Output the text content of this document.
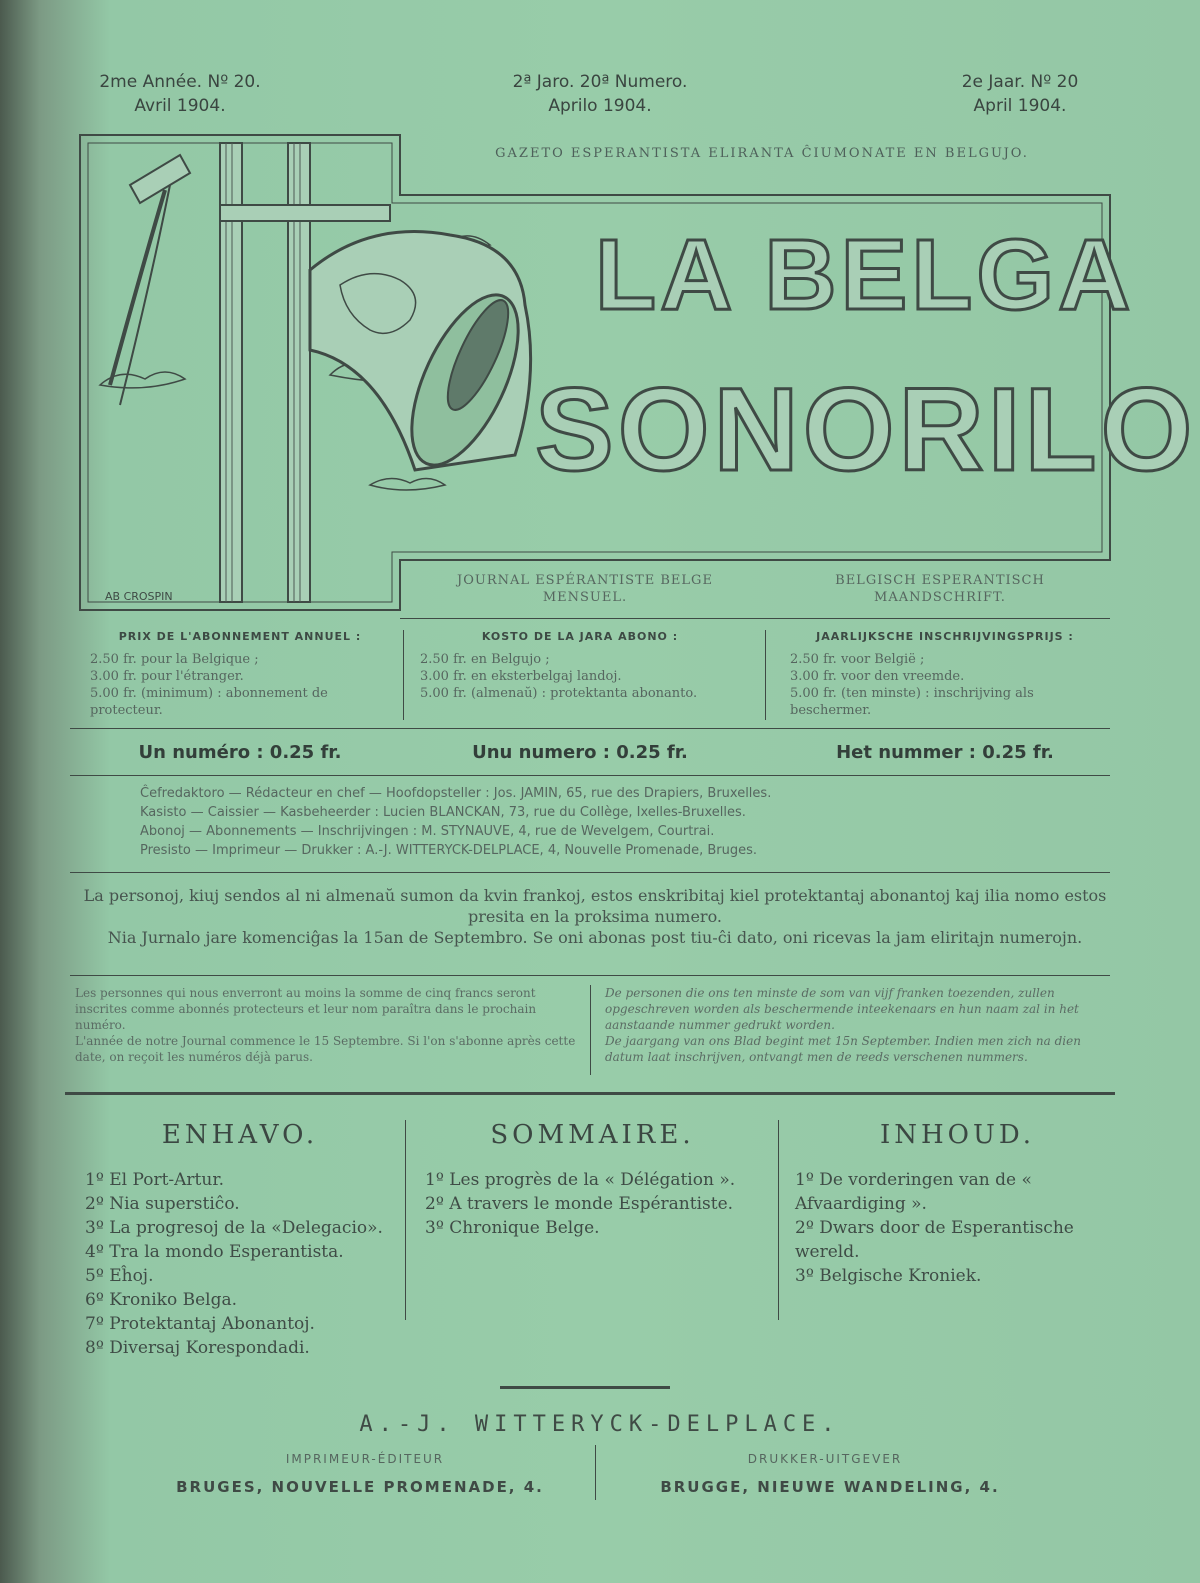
2me Année. Nº 20.
Avril 1904.
2ª Jaro. 20ª Numero.
Aprilo 1904.
2e Jaar. Nº 20
April 1904.
AB CROSPIN
GAZETO ESPERANTISTA ELIRANTA ĈIUMONATE EN BELGUJO.
LA BELGA
SONORILO
JOURNAL ESPÉRANTISTE BELGE MENSUEL.
BELGISCH ESPERANTISCH MAANDSCHRIFT.
PRIX DE L'ABONNEMENT ANNUEL :
2.50 fr. pour la Belgique ;
3.00 fr. pour l'étranger.
5.00 fr. (minimum) : abonnement de protecteur.
KOSTO DE LA JARA ABONO :
2.50 fr. en Belgujo ;
3.00 fr. en eksterbelgaj landoj.
5.00 fr. (almenaŭ) : protektanta abonanto.
JAARLIJKSCHE INSCHRIJVINGSPRIJS :
2.50 fr. voor België ;
3.00 fr. voor den vreemde.
5.00 fr. (ten minste) : inschrijving als beschermer.
Un numéro : 0.25 fr.	Unu numero : 0.25 fr.	Het nummer : 0.25 fr.
Ĉefredaktoro — Rédacteur en chef — Hoofdopsteller : Jos. JAMIN, 65, rue des Drapiers, Bruxelles.
Kasisto — Caissier — Kasbeheerder : Lucien BLANCKAN, 73, rue du Collège, Ixelles-Bruxelles.
Abonoj — Abonnements — Inschrijvingen : M. STYNAUVE, 4, rue de Wevelgem, Courtrai.
Presisto — Imprimeur — Drukker : A.-J. WITTERYCK-DELPLACE, 4, Nouvelle Promenade, Bruges.
La personoj, kiuj sendos al ni almenaŭ sumon da kvin frankoj, estos enskribitaj kiel protektantaj abonantoj kaj ilia nomo estos presita en la proksima numero.
Nia Jurnalo jare komenciĝas la 15an de Septembro. Se oni abonas post tiu-ĉi dato, oni ricevas la jam eliritajn numerojn.
Les personnes qui nous enverront au moins la somme de cinq francs seront inscrites comme abonnés protecteurs et leur nom paraîtra dans le prochain numéro.
L'année de notre Journal commence le 15 Septembre. Si l'on s'abonne après cette date, on reçoit les numéros déjà parus.
De personen die ons ten minste de som van vijf franken toezenden, zullen opgeschreven worden als beschermende inteekenaars en hun naam zal in het aanstaande nummer gedrukt worden.
De jaargang van ons Blad begint met 15n September. Indien men zich na dien datum laat inschrijven, ontvangt men de reeds verschenen nummers.
ENHAVO.
1º El Port-Artur.
2º Nia superstiĉo.
3º La progresoj de la «Delegacio».
4º Tra la mondo Esperantista.
5º Eĥoj.
6º Kroniko Belga.
7º Protektantaj Abonantoj.
8º Diversaj Korespondadi.
SOMMAIRE.
1º Les progrès de la « Délégation ».
2º A travers le monde Espérantiste.
3º Chronique Belge.
INHOUD.
1º De vorderingen van de « Afvaardiging ».
2º Dwars door de Esperantische wereld.
3º Belgische Kroniek.
A.-J. WITTERYCK-DELPLACE.
IMPRIMEUR-ÉDITEUR	DRUKKER-UITGEVER
BRUGES, NOUVELLE PROMENADE, 4.	BRUGGE, NIEUWE WANDELING, 4.
